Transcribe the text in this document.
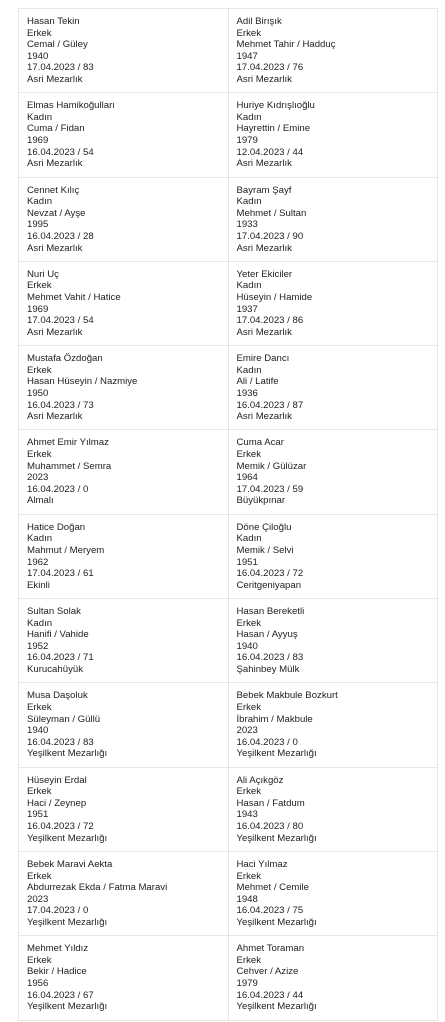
Hasan Tekin
Erkek
Cemal / Güley
1940
17.04.2023 / 83
Asri Mezarlık
Adil Birışık
Erkek
Mehmet Tahir / Hadduç
1947
17.04.2023 / 76
Asri Mezarlık
Elmas Hamikoğulları
Kadın
Cuma / Fidan
1969
16.04.2023 / 54
Asri Mezarlık
Huriye Kıdrışlıoğlu
Kadın
Hayrettin / Emine
1979
12.04.2023 / 44
Asri Mezarlık
Cennet Kılıç
Kadın
Nevzat / Ayşe
1995
16.04.2023 / 28
Asri Mezarlık
Bayram Şayf
Kadın
Mehmet / Sultan
1933
17.04.2023 / 90
Asri Mezarlık
Nuri Uç
Erkek
Mehmet Vahit / Hatice
1969
17.04.2023 / 54
Asri Mezarlık
Yeter Ekiciler
Kadın
Hüseyin / Hamide
1937
17.04.2023 / 86
Asri Mezarlık
Mustafa Özdoğan
Erkek
Hasan Hüseyin / Nazmiye
1950
16.04.2023 / 73
Asri Mezarlık
Emire Dancı
Kadın
Ali / Latife
1936
16.04.2023 / 87
Asri Mezarlık
Ahmet Emir Yılmaz
Erkek
Muhammet / Semra
2023
16.04.2023 / 0
Almalı
Cuma Acar
Erkek
Memik / Gülüzar
1964
17.04.2023 / 59
Büyükpınar
Hatice Doğan
Kadın
Mahmut / Meryem
1962
17.04.2023 / 61
Ekinli
Döne Çiloğlu
Kadın
Memik / Selvi
1951
16.04.2023 / 72
Ceritgeniyapan
Sultan Solak
Kadın
Hanifi / Vahide
1952
16.04.2023 / 71
Kurucahüyük
Hasan Bereketli
Erkek
Hasan / Ayyuş
1940
16.04.2023 / 83
Şahinbey Mülk
Musa Daşoluk
Erkek
Süleyman / Güllü
1940
16.04.2023 / 83
Yeşilkent Mezarlığı
Bebek Makbule Bozkurt
Erkek
İbrahim / Makbule
2023
16.04.2023 / 0
Yeşilkent Mezarlığı
Hüseyin Erdal
Erkek
Haci / Zeynep
1951
16.04.2023 / 72
Yeşilkent Mezarlığı
Ali Açıkgöz
Erkek
Hasan / Fatdum
1943
16.04.2023 / 80
Yeşilkent Mezarlığı
Bebek Maravi Aekta
Erkek
Abdurrezak Ekda / Fatma Maravi
2023
17.04.2023 / 0
Yeşilkent Mezarlığı
Haci Yılmaz
Erkek
Mehmet / Cemile
1948
16.04.2023 / 75
Yeşilkent Mezarlığı
Mehmet Yıldız
Erkek
Bekir / Hadice
1956
16.04.2023 / 67
Yeşilkent Mezarlığı
Ahmet Toraman
Erkek
Cehver / Azize
1979
16.04.2023 / 44
Yeşilkent Mezarlığı
